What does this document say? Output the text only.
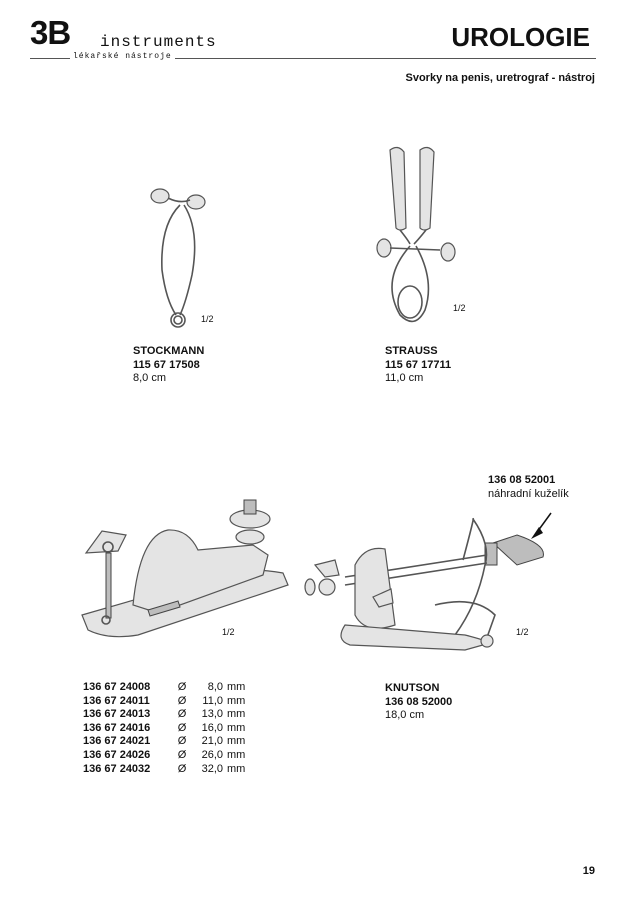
3B instruments
lékařské nástroje
UROLOGIE
Svorky na penis, uretrograf - nástroj
1/2
STOCKMANN
115 67 17508
8,0 cm
1/2
STRAUSS
115 67 17711
11,0 cm
1/2
136 67 24008	Ø	8,0	mm
136 67 24011	Ø	11,0	mm
136 67 24013	Ø	13,0	mm
136 67 24016	Ø	16,0	mm
136 67 24021	Ø	21,0	mm
136 67 24026	Ø	26,0	mm
136 67 24032	Ø	32,0	mm
136 08 52001
náhradní kuželík
1/2
KNUTSON
136 08 52000
18,0 cm
19
